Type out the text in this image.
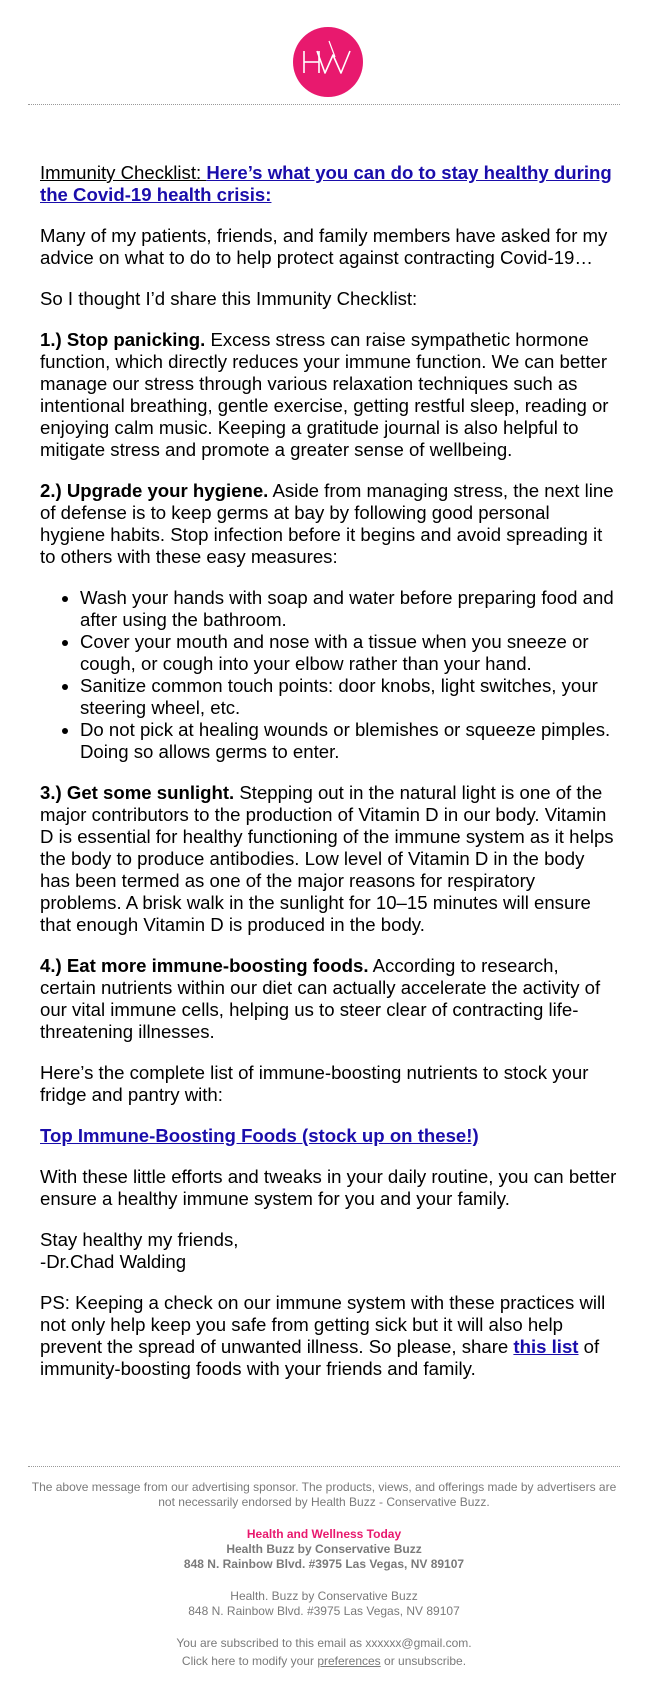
Immunity Checklist: Here’s what you can do to stay healthy during the Covid-19 health crisis:

Many of my patients, friends, and family members have asked for my advice on what to do to help protect against contracting Covid-19…

So I thought I’d share this Immunity Checklist:

1.) Stop panicking. Excess stress can raise sympathetic hormone function, which directly reduces your immune function. We can better manage our stress through various relaxation techniques such as intentional breathing, gentle exercise, getting restful sleep, reading or enjoying calm music. Keeping a gratitude journal is also helpful to mitigate stress and promote a greater sense of wellbeing.

2.) Upgrade your hygiene. Aside from managing stress, the next line of defense is to keep germs at bay by following good personal hygiene habits. Stop infection before it begins and avoid spreading it to others with these easy measures:

• Wash your hands with soap and water before preparing food and after using the bathroom.
• Cover your mouth and nose with a tissue when you sneeze or cough, or cough into your elbow rather than your hand.
• Sanitize common touch points: door knobs, light switches, your steering wheel, etc.
• Do not pick at healing wounds or blemishes or squeeze pimples. Doing so allows germs to enter.

3.) Get some sunlight. Stepping out in the natural light is one of the major contributors to the production of Vitamin D in our body. Vitamin D is essential for healthy functioning of the immune system as it helps the body to produce antibodies. Low level of Vitamin D in the body has been termed as one of the major reasons for respiratory problems. A brisk walk in the sunlight for 10–15 minutes will ensure that enough Vitamin D is produced in the body.

4.) Eat more immune-boosting foods. According to research, certain nutrients within our diet can actually accelerate the activity of our vital immune cells, helping us to steer clear of contracting life-threatening illnesses.

Here’s the complete list of immune-boosting nutrients to stock your fridge and pantry with:

Top Immune-Boosting Foods (stock up on these!)

With these little efforts and tweaks in your daily routine, you can better ensure a healthy immune system for you and your family.

Stay healthy my friends,
-Dr.Chad Walding

PS: Keeping a check on our immune system with these practices will not only help keep you safe from getting sick but it will also help prevent the spread of unwanted illness. So please, share this list of immunity-boosting foods with your friends and family.

The above message from our advertising sponsor. The products, views, and offerings made by advertisers are not necessarily endorsed by Health Buzz - Conservative Buzz.

Health and Wellness Today
Health Buzz by Conservative Buzz
848 N. Rainbow Blvd. #3975 Las Vegas, NV 89107

Health. Buzz by Conservative Buzz
848 N. Rainbow Blvd. #3975 Las Vegas, NV 89107

You are subscribed to this email as xxxxxx@gmail.com.

Click here to modify your preferences or unsubscribe.
